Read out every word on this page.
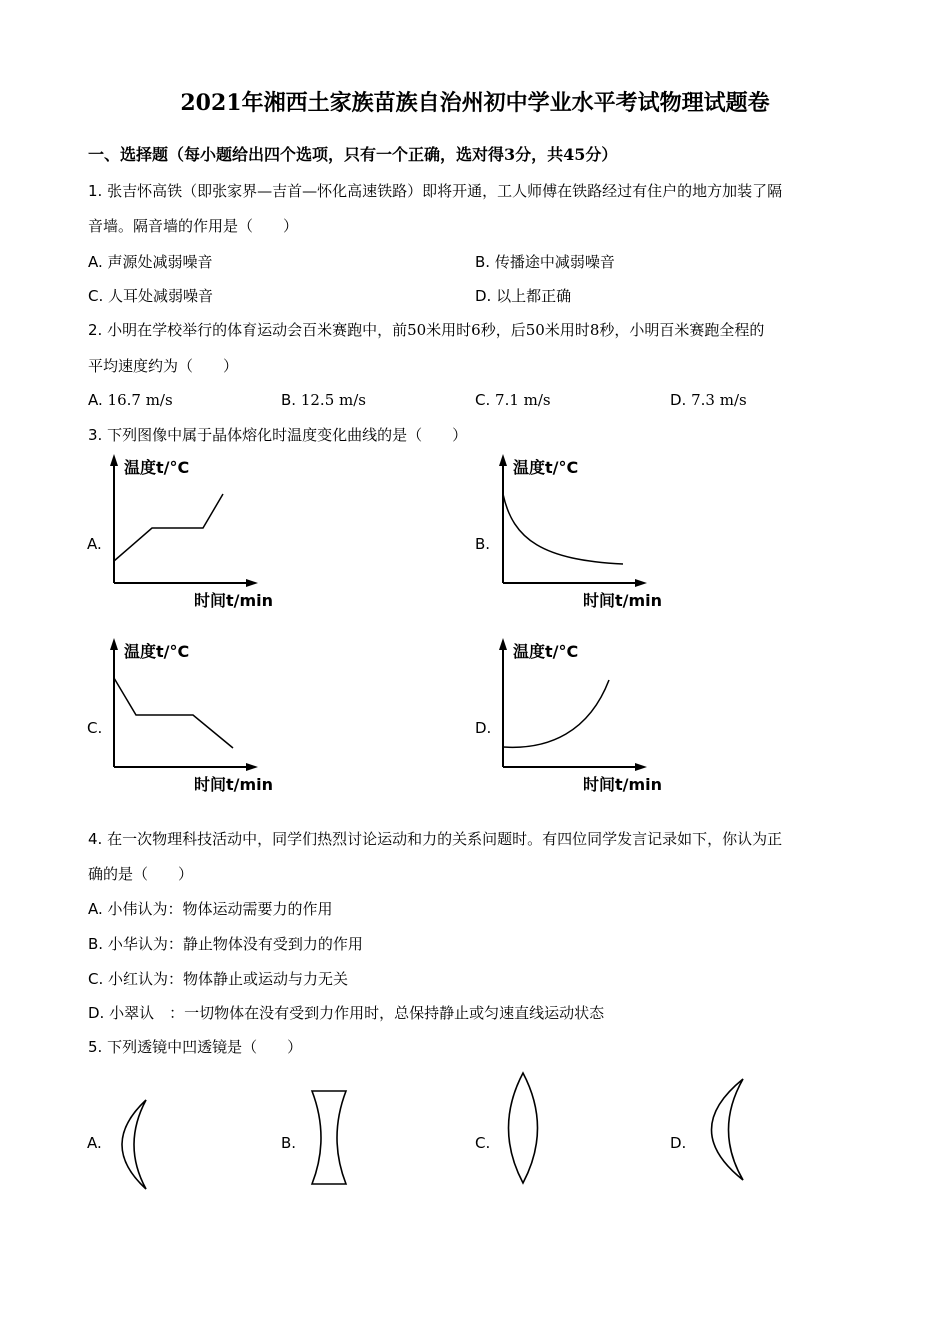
2021年湘西土家族苗族自治州初中学业水平考试物理试题卷
一、选择题（每小题给出四个选项，只有一个正确，选对得3分，共45分）
1. 张吉怀高铁（即张家界—吉首—怀化高速铁路）即将开通，工人师傅在铁路经过有住户的地方加装了隔
音墙。隔音墙的作用是（　　）
A. 声源处减弱噪音	B. 传播途中减弱噪音
C. 人耳处减弱噪音	D. 以上都正确
2. 小明在学校举行的体育运动会百米赛跑中，前50米用时6秒，后50米用时8秒，小明百米赛跑全程的
平均速度约为（　　）
A. 16.7 m/s	B. 12.5 m/s	C. 7.1 m/s	D. 7.3 m/s
3. 下列图像中属于晶体熔化时温度变化曲线的是（　　）
A.
温度t/°C
时间t/min
B.
温度t/°C
时间t/min
C.
温度t/°C
时间t/min
D.
温度t/°C
时间t/min
4. 在一次物理科技活动中，同学们热烈讨论运动和力的关系问题时。有四位同学发言记录如下，你认为正
确的是（　　）
A. 小伟认为：物体运动需要力的作用
B. 小华认为：静止物体没有受到力的作用
C. 小红认为：物体静止或运动与力无关
D. 小翠认　：一切物体在没有受到力作用时，总保持静止或匀速直线运动状态
5. 下列透镜中凹透镜是（　　）
A.	B.	C.	D.
